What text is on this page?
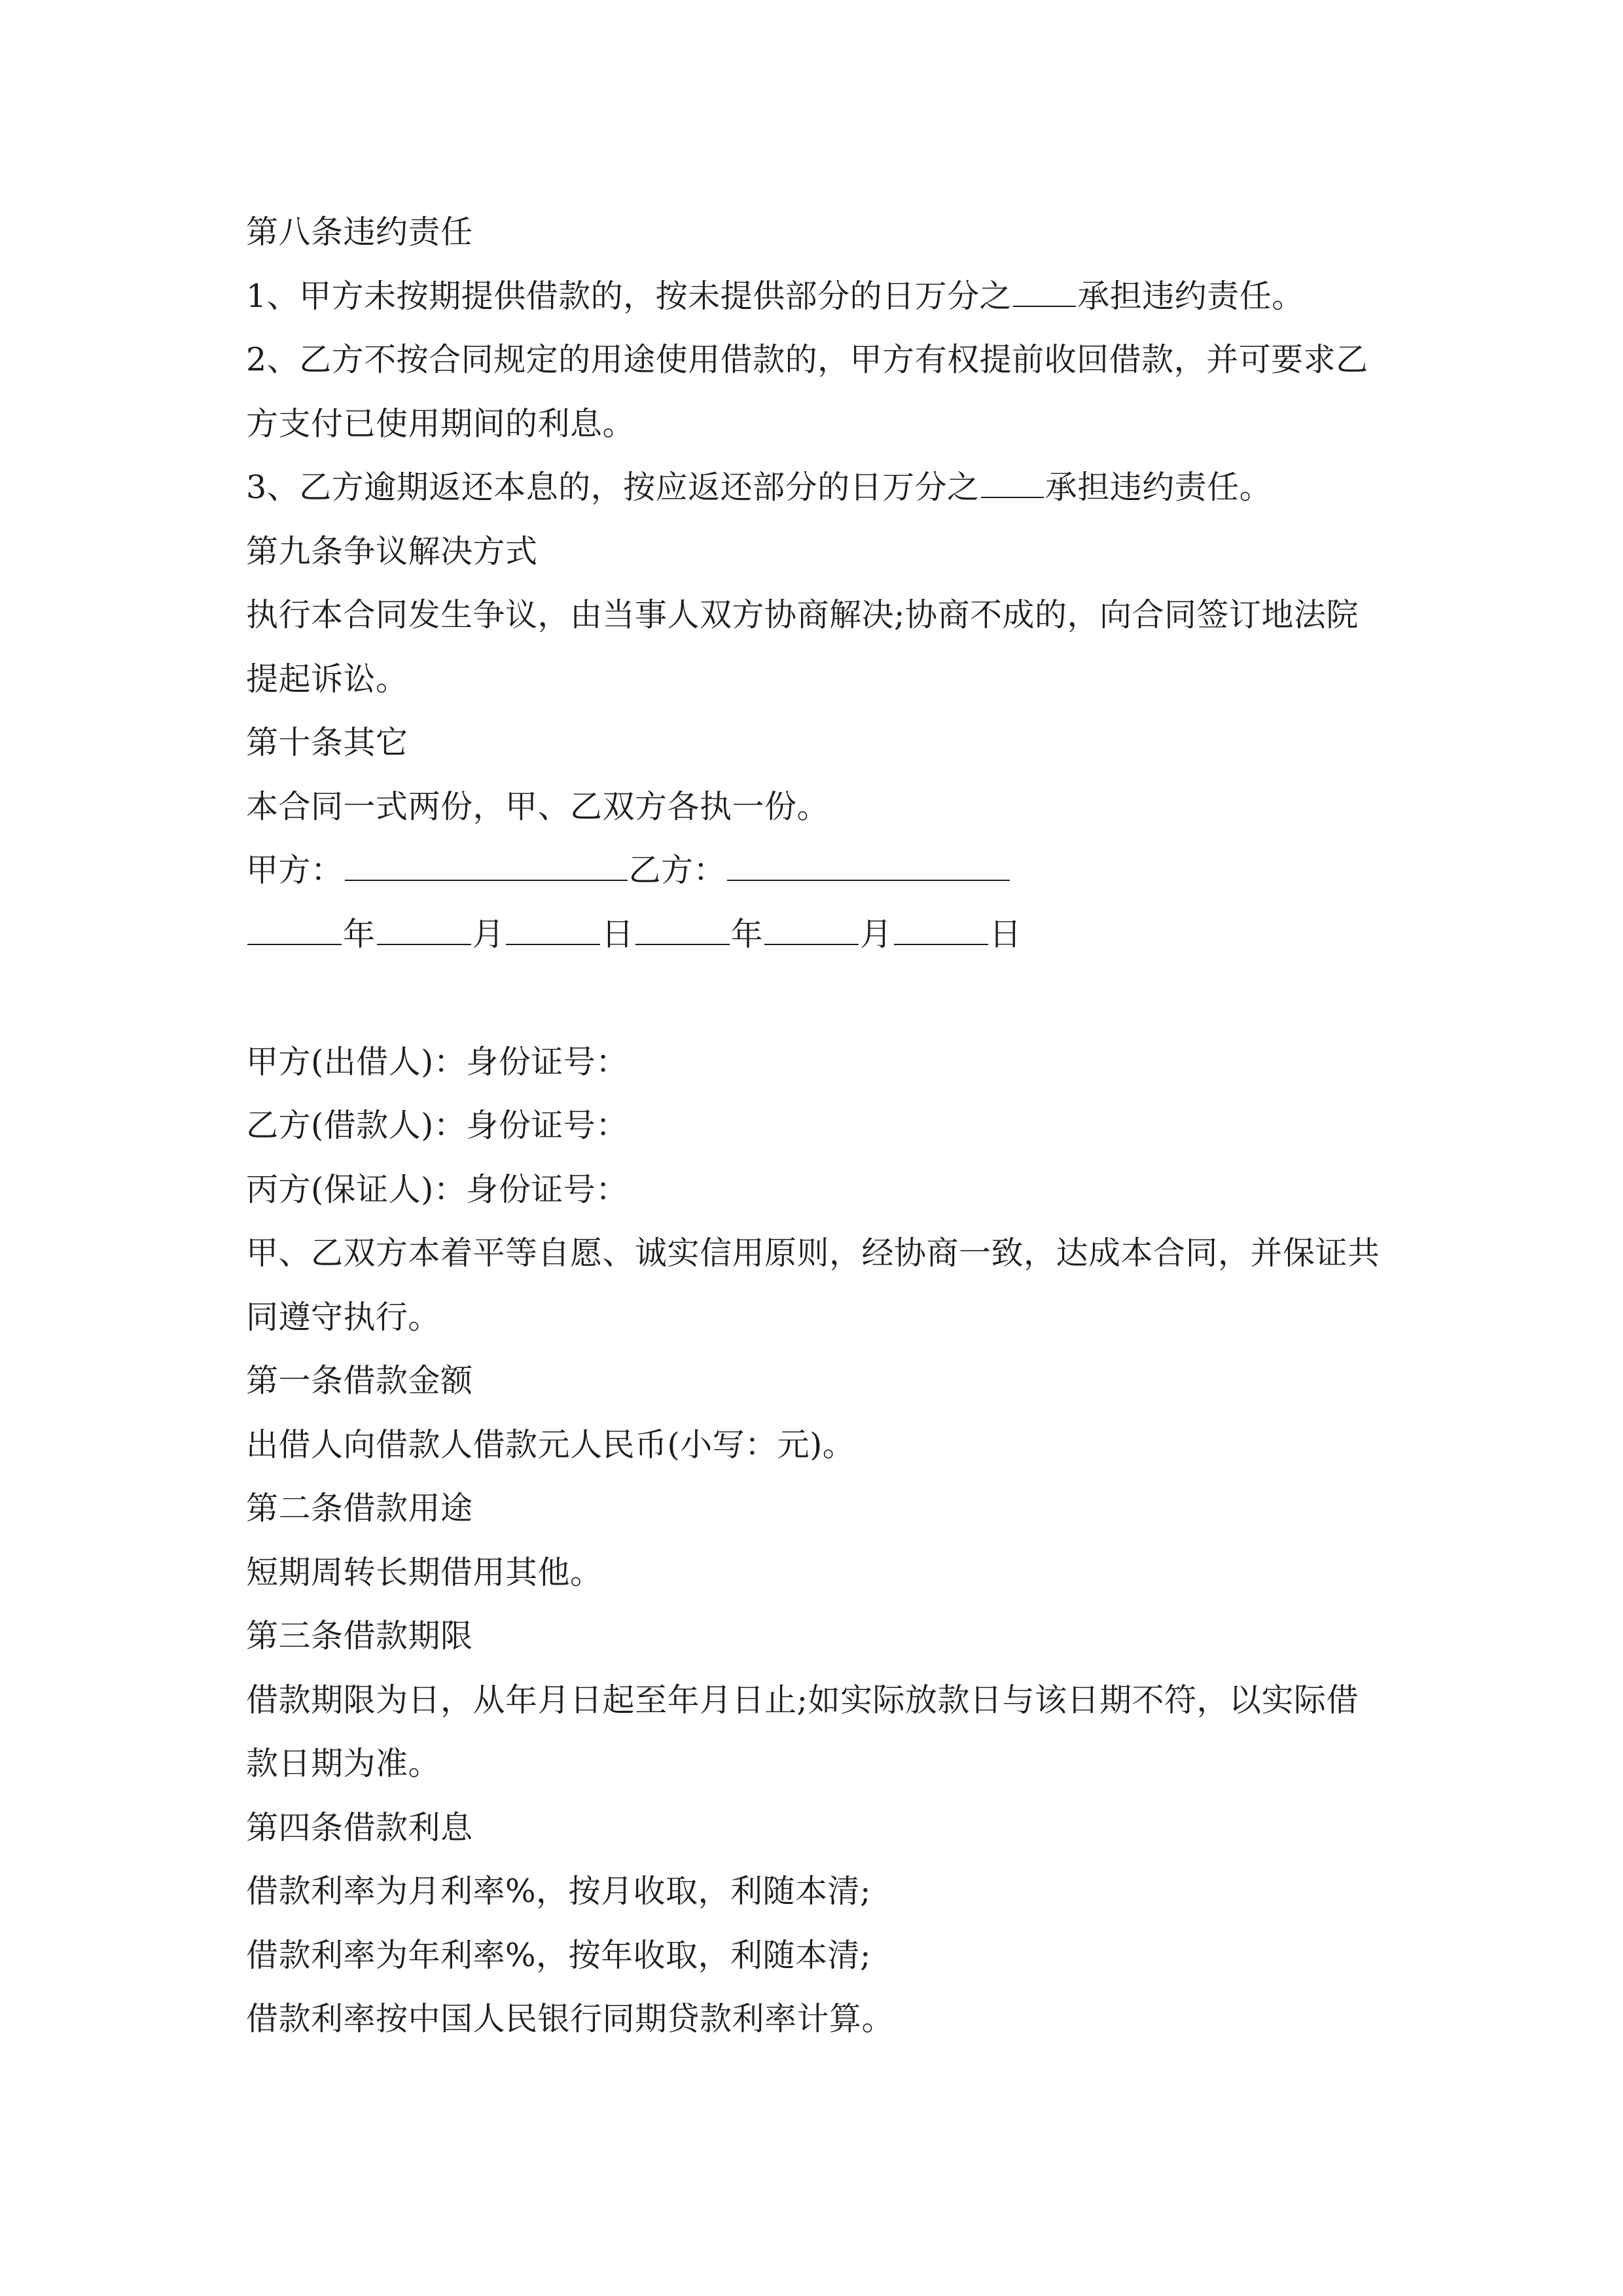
第八条违约责任
1、甲方未按期提供借款的，按未提供部分的日万分之 承担违约责任。
2、乙方不按合同规定的用途使用借款的，甲方有权提前收回借款，并可要求乙
方支付已使用期间的利息。
3、乙方逾期返还本息的，按应返还部分的日万分之 承担违约责任。
第九条争议解决方式
执行本合同发生争议，由当事人双方协商解决;协商不成的，向合同签订地法院
提起诉讼。
第十条其它
本合同一式两份，甲、乙双方各执一份。
甲方：	乙方：
年	月	日	年	月	日
甲方(出借人)：身份证号：
乙方(借款人)：身份证号：
丙方(保证人)：身份证号：
甲、乙双方本着平等自愿、诚实信用原则，经协商一致，达成本合同，并保证共
同遵守执行。
第一条借款金额
出借人向借款人借款元人民币(小写：元)。
第二条借款用途
短期周转长期借用其他。
第三条借款期限
借款期限为日，从年月日起至年月日止;如实际放款日与该日期不符，以实际借
款日期为准。
第四条借款利息
借款利率为月利率%，按月收取，利随本清;
借款利率为年利率%，按年收取，利随本清;
借款利率按中国人民银行同期贷款利率计算。
